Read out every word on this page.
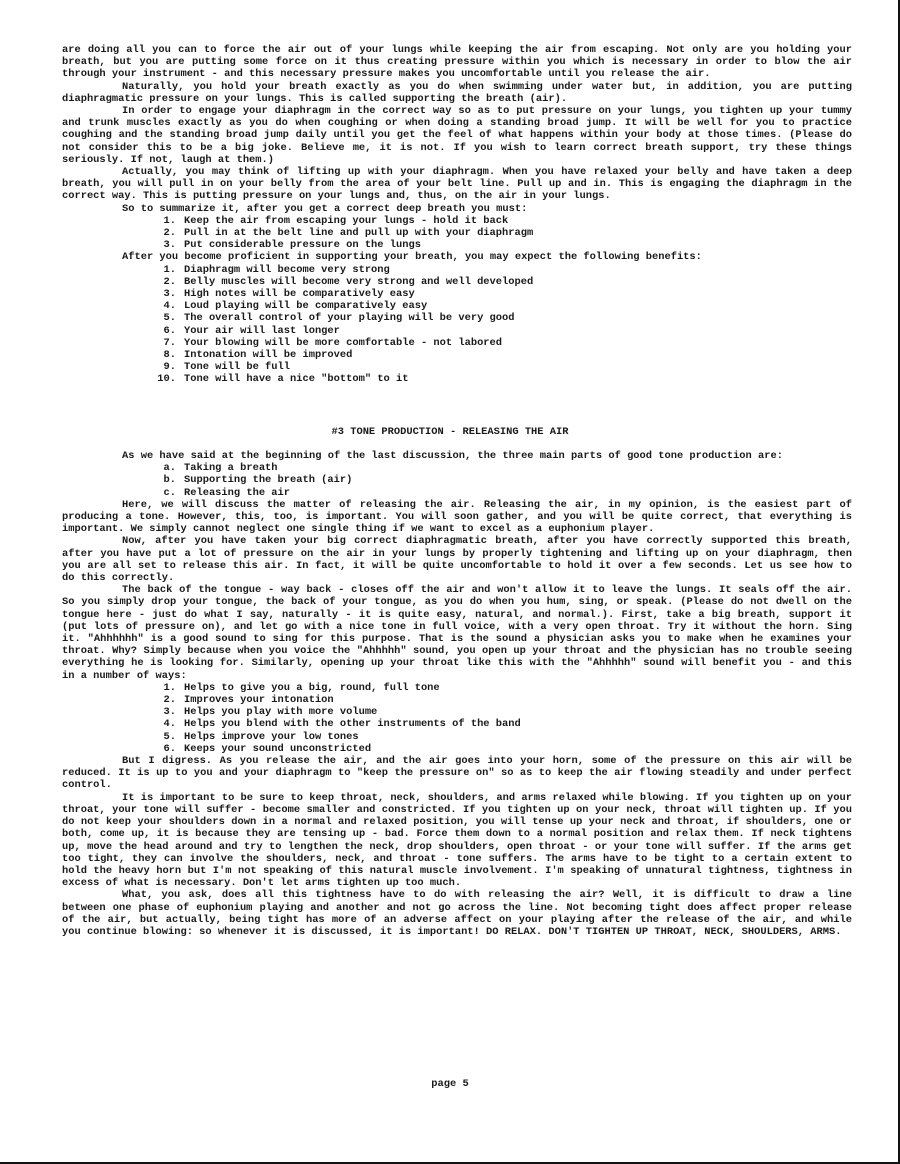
are doing all you can to force the air out of your lungs while keeping the air from escaping. Not only are you holding your breath, but you are putting some force on it thus creating pressure within you which is necessary in order to blow the air through your instrument - and this necessary pressure makes you uncomfortable until you release the air.

Naturally, you hold your breath exactly as you do when swimming under water but, in addition, you are putting diaphragmatic pressure on your lungs. This is called supporting the breath (air).

In order to engage your diaphragm in the correct way so as to put pressure on your lungs, you tighten up your tummy and trunk muscles exactly as you do when coughing or when doing a standing broad jump. It will be well for you to practice coughing and the standing broad jump daily until you get the feel of what happens within your body at those times. (Please do not consider this to be a big joke. Believe me, it is not. If you wish to learn correct breath support, try these things seriously. If not, laugh at them.)

Actually, you may think of lifting up with your diaphragm. When you have relaxed your belly and have taken a deep breath, you will pull in on your belly from the area of your belt line. Pull up and in. This is engaging the diaphragm in the correct way. This is putting pressure on your lungs and, thus, on the air in your lungs.

So to summarize it, after you get a correct deep breath you must:

1. Keep the air from escaping your lungs - hold it back
2. Pull in at the belt line and pull up with your diaphragm
3. Put considerable pressure on the lungs

After you become proficient in supporting your breath, you may expect the following benefits:

1. Diaphragm will become very strong
2. Belly muscles will become very strong and well developed
3. High notes will be comparatively easy
4. Loud playing will be comparatively easy
5. The overall control of your playing will be very good
6. Your air will last longer
7. Your blowing will be more comfortable - not labored
8. Intonation will be improved
9. Tone will be full
10. Tone will have a nice "bottom" to it
#3 TONE PRODUCTION - RELEASING THE AIR

As we have said at the beginning of the last discussion, the three main parts of good tone production are:

a. Taking a breath
b. Supporting the breath (air)
c. Releasing the air

Here, we will discuss the matter of releasing the air. Releasing the air, in my opinion, is the easiest part of producing a tone. However, this, too, is important. You will soon gather, and you will be quite correct, that everything is important. We simply cannot neglect one single thing if we want to excel as a euphonium player.

Now, after you have taken your big correct diaphragmatic breath, after you have correctly supported this breath, after you have put a lot of pressure on the air in your lungs by properly tightening and lifting up on your diaphragm, then you are all set to release this air. In fact, it will be quite uncomfortable to hold it over a few seconds. Let us see how to do this correctly.

The back of the tongue - way back - closes off the air and won't allow it to leave the lungs. It seals off the air. So you simply drop your tongue, the back of your tongue, as you do when you hum, sing, or speak. (Please do not dwell on the tongue here - just do what I say, naturally - it is quite easy, natural, and normal.). First, take a big breath, support it (put lots of pressure on), and let go with a nice tone in full voice, with a very open throat. Try it without the horn. Sing it. "Ahhhhhh" is a good sound to sing for this purpose. That is the sound a physician asks you to make when he examines your throat. Why? Simply because when you voice the "Ahhhhh" sound, you open up your throat and the physician has no trouble seeing everything he is looking for. Similarly, opening up your throat like this with the "Ahhhhh" sound will benefit you - and this in a number of ways:

1. Helps to give you a big, round, full tone
2. Improves your intonation
3. Helps you play with more volume
4. Helps you blend with the other instruments of the band
5. Helps improve your low tones
6. Keeps your sound unconstricted

But I digress. As you release the air, and the air goes into your horn, some of the pressure on this air will be reduced. It is up to you and your diaphragm to "keep the pressure on" so as to keep the air flowing steadily and under perfect control.

It is important to be sure to keep throat, neck, shoulders, and arms relaxed while blowing. If you tighten up on your throat, your tone will suffer - become smaller and constricted. If you tighten up on your neck, throat will tighten up. If you do not keep your shoulders down in a normal and relaxed position, you will tense up your neck and throat, if shoulders, one or both, come up, it is because they are tensing up - bad. Force them down to a normal position and relax them. If neck tightens up, move the head around and try to lengthen the neck, drop shoulders, open throat - or your tone will suffer. If the arms get too tight, they can involve the shoulders, neck, and throat - tone suffers. The arms have to be tight to a certain extent to hold the heavy horn but I'm not speaking of this natural muscle involvement. I'm speaking of unnatural tightness, tightness in excess of what is necessary. Don't let arms tighten up too much.

What, you ask, does all this tightness have to do with releasing the air? Well, it is difficult to draw a line between one phase of euphonium playing and another and not go across the line. Not becoming tight does affect proper release of the air, but actually, being tight has more of an adverse affect on your playing after the release of the air, and while you continue blowing: so whenever it is discussed, it is important! DO RELAX. DON'T TIGHTEN UP THROAT, NECK, SHOULDERS, ARMS.

page 5
